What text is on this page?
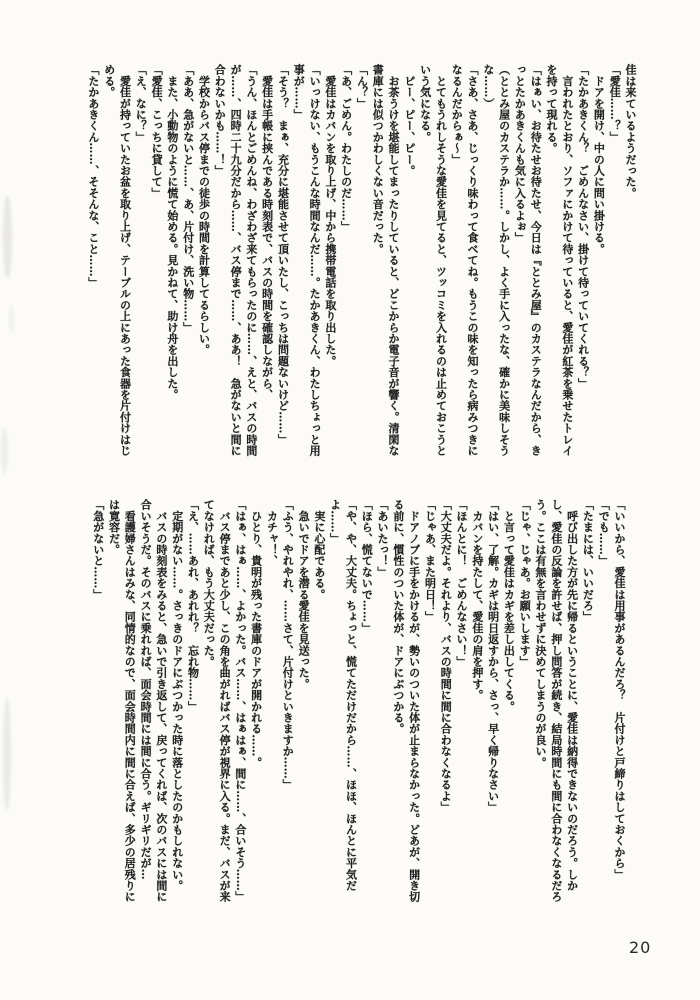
佳は来ているようだった。

「愛佳……？」

　ドアを開け、中の人に問い掛ける。

「たかあきくん？　ごめんなさい、掛けて待っていてくれる？」

　言われたとおり、ソファにかけて待っていると、愛佳が紅茶を乗せたトレイを持って現れる。

「はぁい、お待たせお待たせ、今日は『ととみ屋』のカステラなんだから、きっとたかあきくんも気に入るよぉ」

（ととみ屋のカステラか……。しかし、よく手に入ったな、確かに美味しそうな……）

「さあ、さあ、じっくり味わって食べてね。もうこの味を知ったら病みつきになるんだからぁ〜」

　とてもうれしそうな愛佳を見てると、ツッコミを入れるのは止めておこうという気になる。

　ピー、ピー、ピー。

　お茶うけを堪能してまったりしていると、どこからか電子音が響く。清閑な書庫には似つかわしくない音だった。

「ん？」

「あ、ごめん。わたしのだ……」

　愛佳はカバンを取り上げ、中から携帯電話を取り出した。

「いっけない、もうこんな時間なんだ……。たかあきくん、わたしちょっと用事が……」

「そう？　まぁ、充分に堪能させて頂いたし、こっちは問題ないけど……」

　愛佳は手帳に挟んである時刻表で、バスの時間を確認しながら、

「うん、ほんとごめんね、わざわざ来てもらったのに……、えと、バスの時間が……、四時二十九分だから……、バス停まで……、ああ！　急がないと間に合わないかも……！」

　学校からバス停までの徒歩の時間を計算してるらしい。

「ああ、急がないと……、あ、片付け、洗い物……」

　また、小動物のように慌て始める。見かねて、助け舟を出した。

「愛佳、こっちに貸して」

「え、なに？」

　愛佳が持っていたお盆を取り上げ、テーブルの上にあった食器を片付けはじめる。

「たかあきくん……、そそんな、こと……」

「いいから、愛佳は用事があるんだろ？　片付けと戸締りはしておくから」

「でも……」

「たまには、いいだろ」

　呼び出した方が先に帰るということに、愛佳は納得できないのだろう。しかし、愛佳の反論を許せば、押し問答が続き、結局時間にも間に合わなくなるだろう。ここは有無を言わせずに決めてしまうのが良い。

「じゃ、じゃあ。お願いします」

　と言って愛佳はカギを差し出してくる。

「はい、了解。カギは明日返すから、さっ、早く帰りなさい」

　カバンを持たして、愛佳の肩を押す。

「ほんとに！　ごめんなさい！」

「大丈夫だよ。それより、バスの時間に間に合わなくなるよ」

「じゃあ、また明日！」

　ドアノブに手をかけるが、勢いのついた体が止まらなかった。どあが、開き切る前に、慣性のついた体が、ドアにぶつかる。

「あいたっ！」

「ほら、慌てないで……」

「や、や、大丈夫。ちょっと、慌てただけだから……、ほほ、ほんとに平気だよ……」

　実に心配である。

　急いでドアを潜る愛佳を見送った。

「ふう、やれやれ、……さて、片付けといきますか……」

　カチャ！、

　ひとり、貴明が残った書庫のドアが開かれる……。

「はぁ、はぁ……、よかった。バス……、はぁはぁ、間に……、合いそう……」

　バス停まであと少し、この角を曲がればバス停が視界に入る。まだ、バスが来てなければ、もう大丈夫だった。

「え、……あれ、あれれ？　忘れ物……」

　定期がない……。さっきのドアにぶつかった時に落としたのかもしれない。

　バスの時刻表をみると、急いで引き返して、戻ってくれば、次のバスには間に合いそうだ。そのバスに乗れれば、面会時間には間に合う。ギリギリだが…

　看護婦さんはみな、同情的なので、面会時間内に間に合えば、多少の居残りには寛容だ。

「急がないと……」

20
